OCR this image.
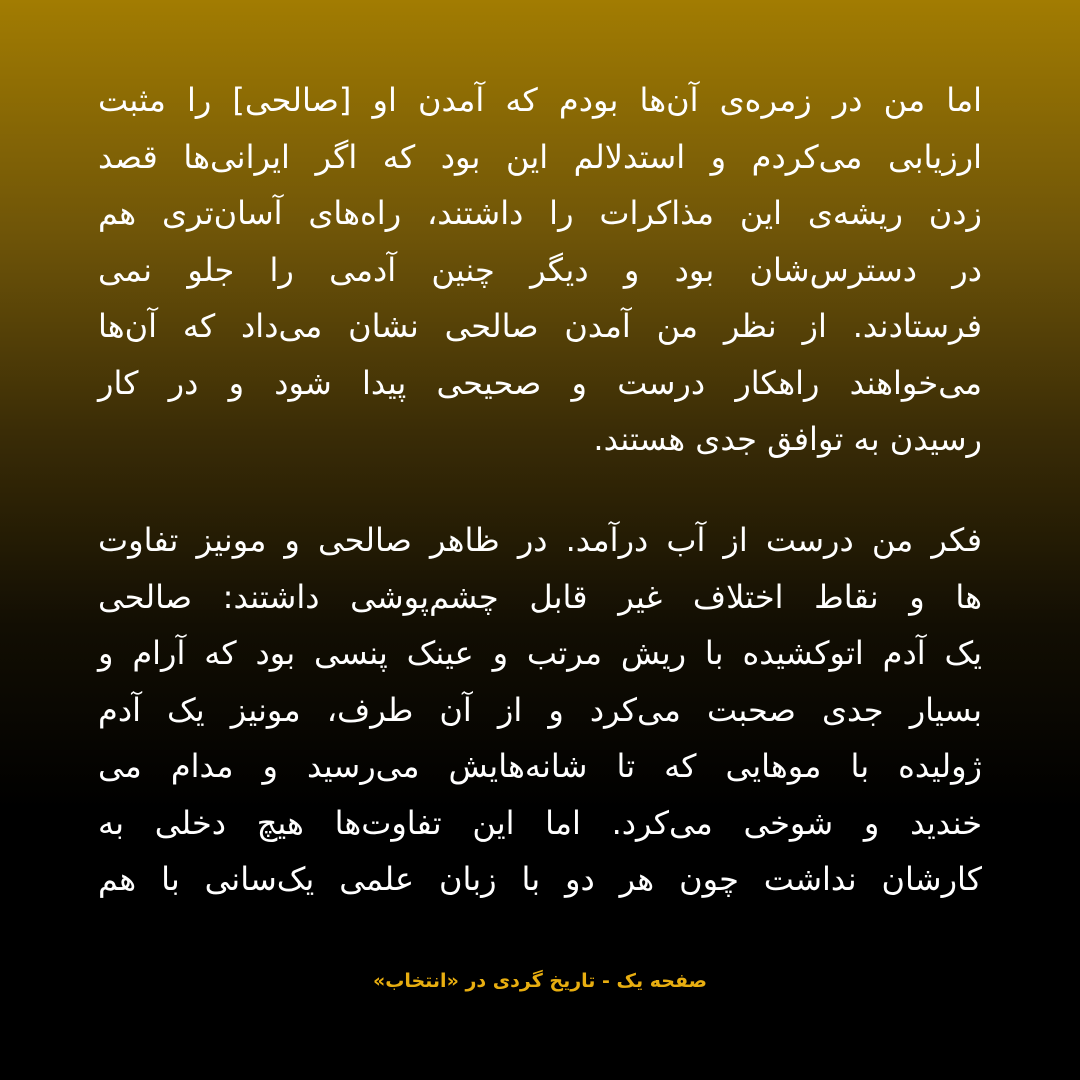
اما من در زمره‌ی آن‌ها بودم که آمدن او [صالحی] را مثبت
ارزیابی می‌کردم و استدلالم این بود که اگر ایرانی‌ها قصد
زدن ریشه‌ی این مذاکرات را داشتند، راه‌های آسان‌تری هم
در دسترس‌شان بود و دیگر چنین آدمی را جلو نمی
فرستادند. از نظر من آمدن صالحی نشان می‌داد که آن‌ها
می‌خواهند راهکار درست و صحیحی پیدا شود و در کار
رسیدن به توافق جدی هستند.
فکر من درست از آب درآمد. در ظاهر صالحی و مونیز تفاوت
ها و نقاط اختلاف غیر قابل چشم‌پوشی داشتند: صالحی
یک آدم اتوکشیده با ریش مرتب و عینک پنسی بود که آرام و
بسیار جدی صحبت می‌کرد و از آن طرف، مونیز یک آدم
ژولیده با موهایی که تا شانه‌هایش می‌رسید و مدام می
خندید و شوخی می‌کرد. اما این تفاوت‌ها هیچ دخلی به
کارشان نداشت چون هر دو با زبان علمی یک‌سانی با هم
صفحه یک - تاریخ گردی در «انتخاب»
